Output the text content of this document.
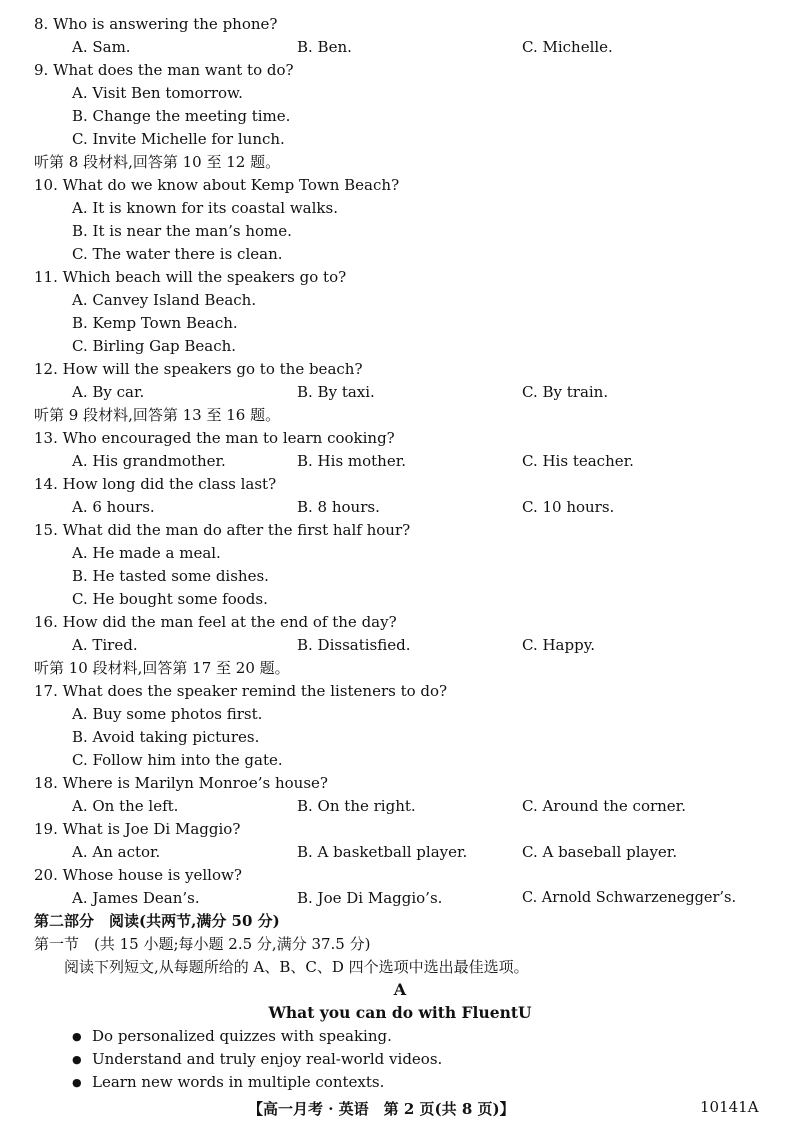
8. Who is answering the phone?
A. Sam.	B. Ben.	C. Michelle.
9. What does the man want to do?
A. Visit Ben tomorrow.
B. Change the meeting time.
C. Invite Michelle for lunch.
听第 8 段材料,回答第 10 至 12 题。
10. What do we know about Kemp Town Beach?
A. It is known for its coastal walks.
B. It is near the man’s home.
C. The water there is clean.
11. Which beach will the speakers go to?
A. Canvey Island Beach.
B. Kemp Town Beach.
C. Birling Gap Beach.
12. How will the speakers go to the beach?
A. By car.	B. By taxi.	C. By train.
听第 9 段材料,回答第 13 至 16 题。
13. Who encouraged the man to learn cooking?
A. His grandmother.	B. His mother.	C. His teacher.
14. How long did the class last?
A. 6 hours.	B. 8 hours.	C. 10 hours.
15. What did the man do after the first half hour?
A. He made a meal.
B. He tasted some dishes.
C. He bought some foods.
16. How did the man feel at the end of the day?
A. Tired.	B. Dissatisfied.	C. Happy.
听第 10 段材料,回答第 17 至 20 题。
17. What does the speaker remind the listeners to do?
A. Buy some photos first.
B. Avoid taking pictures.
C. Follow him into the gate.
18. Where is Marilyn Monroe’s house?
A. On the left.	B. On the right.	C. Around the corner.
19. What is Joe Di Maggio?
A. An actor.	B. A basketball player.	C. A baseball player.
20. Whose house is yellow?
A. James Dean’s.	B. Joe Di Maggio’s.	C. Arnold Schwarzenegger’s.
第二部分　阅读(共两节,满分 50 分)
第一节　(共 15 小题;每小题 2.5 分,满分 37.5 分)
阅读下列短文,从每题所给的 A、B、C、D 四个选项中选出最佳选项。
A
What you can do with FluentU
● Do personalized quizzes with speaking.
● Understand and truly enjoy real-world videos.
● Learn new words in multiple contexts.
【高一月考 · 英语　第 2 页(共 8 页)】	10141A
